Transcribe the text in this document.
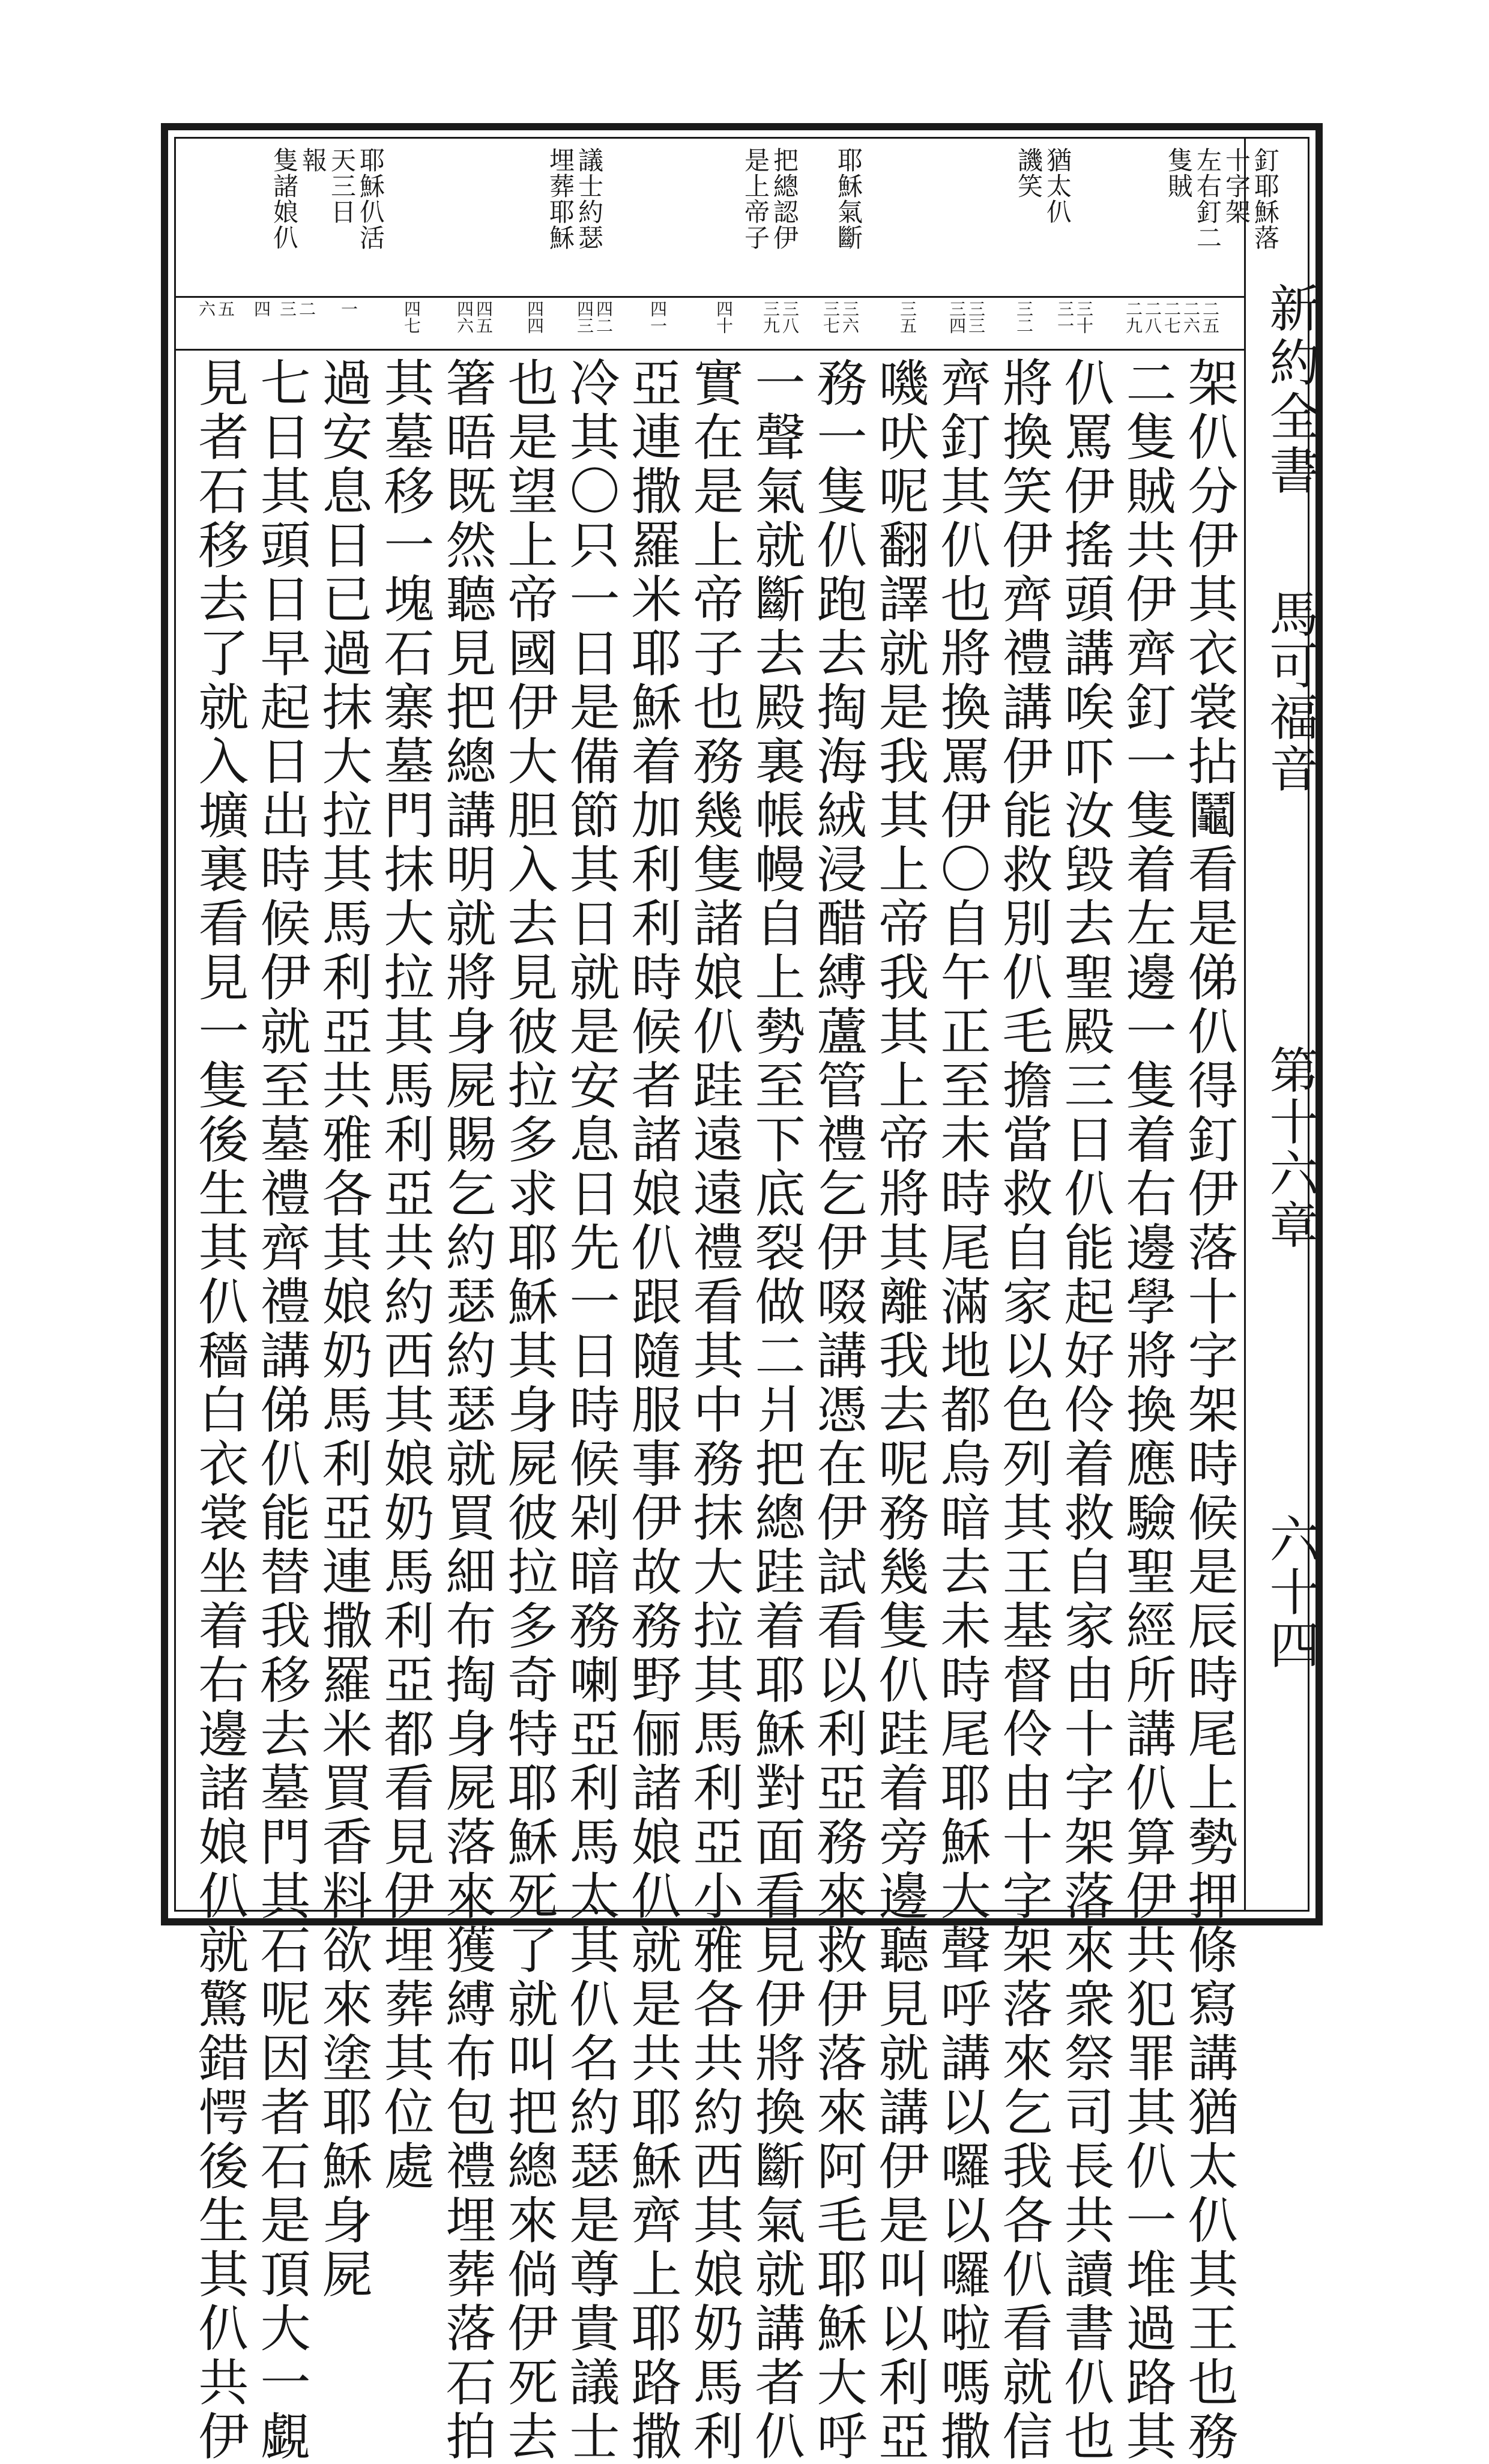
新約全書
馬可福音
第十六章
六十四
釘耶穌落
十字架
左右釘二
隻賊
猶太仈
譏笑
耶穌氣斷
把總認伊
是上帝子
議士約瑟
埋葬耶穌
耶穌仈活
天三日
報
隻諸娘仈
二五
二六
二七
二八
二九
三十
三一
三二
三三
三四
三五
三六
三七
三八
三九
四十
四一
四二
四三
四四
四五
四六
四七
一
二
三
四
五
六
架仈分伊其衣裳拈鬮看是俤仈得釘伊落十字架時候是辰時尾上勢押條寫講猶太仈其王也務
二隻賊共伊齊釘一隻着左邊一隻着右邊學將換應驗聖經所講仈算伊共犯罪其仈一堆過路其
仈罵伊搖頭講唉吓汝毀去聖殿三日仈能起好伶着救自家由十字架落來衆祭司長共讀書仈也
將換笑伊齊禮講伊能救別仈毛擔當救自家以色列其王基督伶由十字架落來乞我各仈看就信
齊釘其仈也將換罵伊〇自午正至未時尾滿地都烏暗去未時尾耶穌大聲呼講以囉以囉啦嗎撒
嘰吠呢翻譯就是我其上帝我其上帝將其離我去呢務幾隻仈跬着旁邊聽見就講伊是叫以利亞
務一隻仈跑去掏海絨浸醋縛蘆管禮乞伊啜講憑在伊試看以利亞務來救伊落來阿毛耶穌大呼
一聲氣就斷去殿裏帳幔自上勢至下底裂做二爿把總跬着耶穌對面看見伊將換斷氣就講者仈
實在是上帝子也務幾隻諸娘仈跬遠遠禮看其中務抹大拉其馬利亞小雅各共約西其娘奶馬利
亞連撒羅米耶穌着加利利時候者諸娘仈跟隨服事伊故務野俪諸娘仈就是共耶穌齊上耶路撒
冷其〇只一日是備節其日就是安息日先一日時候剁暗務喇亞利馬太其仈名約瑟是尊貴議士
也是望上帝國伊大胆入去見彼拉多求耶穌其身屍彼拉多奇特耶穌死了就叫把總來倘伊死去
箸晤既然聽見把總講明就將身屍賜乞約瑟約瑟就買細布掏身屍落來獲縛布包禮埋葬落石拍
其墓移一塊石寨墓門抹大拉其馬利亞共約西其娘奶馬利亞都看見伊埋葬其位處
過安息日已過抹大拉其馬利亞共雅各其娘奶馬利亞連撒羅米買香料欲來塗耶穌身屍
七日其頭日早起日出時候伊就至墓禮齊禮講俤仈能替我移去墓門其石呢因者石是頂大一覷
見者石移去了就入壙裏看見一隻後生其仈穡白衣裳坐着右邊諸娘仈就驚錯愕後生其仈共伊
